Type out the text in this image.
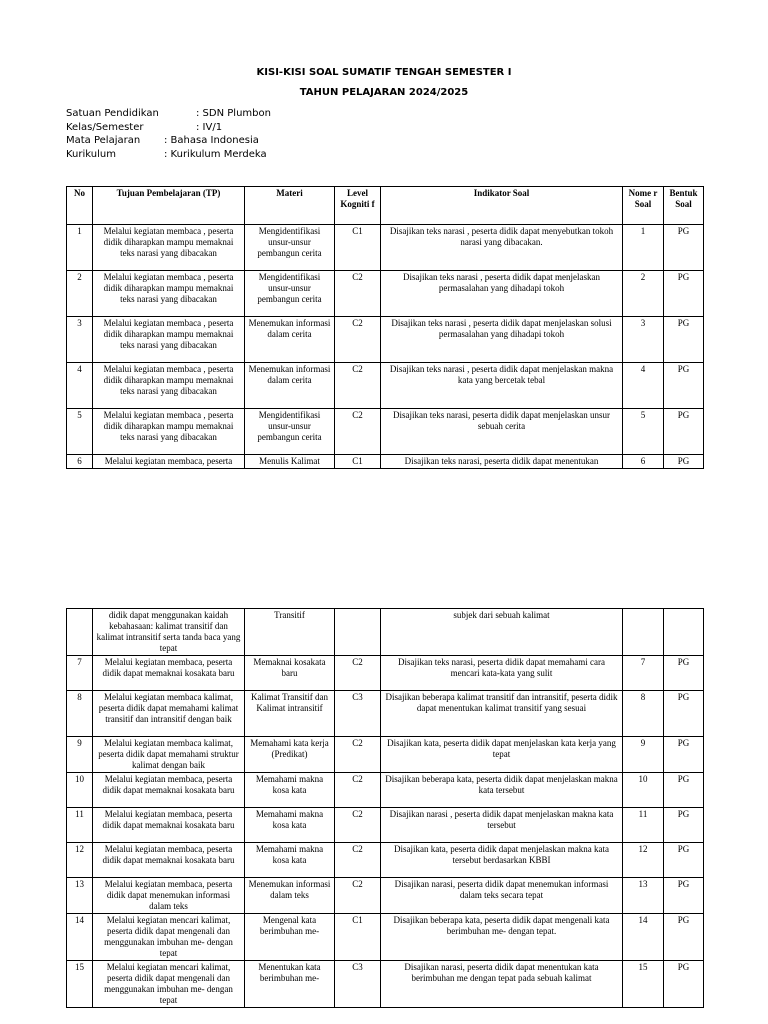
KISI-KISI SOAL SUMATIF TENGAH SEMESTER I
TAHUN PELAJARAN 2024/2025
Satuan Pendidikan	: SDN Plumbon
Kelas/Semester	: IV/1
Mata Pelajaran : Bahasa Indonesia
Kurikulum	: Kurikulum Merdeka
No	Tujuan Pembelajaran (TP)	Materi	Level Kogniti f	Indikator Soal	Nome r Soal	Bentuk Soal
1	Melalui kegiatan membaca , peserta didik diharapkan mampu memaknai teks narasi yang dibacakan	Mengidentifikasi unsur-unsur pembangun cerita	C1	Disajikan teks narasi , peserta didik dapat menyebutkan tokoh narasi yang dibacakan.	1	PG
2	Melalui kegiatan membaca , peserta didik diharapkan mampu memaknai teks narasi yang dibacakan	Mengidentifikasi unsur-unsur pembangun cerita	C2	Disajikan teks narasi , peserta didik dapat menjelaskan permasalahan yang dihadapi tokoh	2	PG
3	Melalui kegiatan membaca , peserta didik diharapkan mampu memaknai teks narasi yang dibacakan	Menemukan informasi dalam cerita	C2	Disajikan teks narasi , peserta didik dapat menjelaskan solusi permasalahan yang dihadapi tokoh	3	PG
4	Melalui kegiatan membaca , peserta didik diharapkan mampu memaknai teks narasi yang dibacakan	Menemukan informasi dalam cerita	C2	Disajikan teks narasi , peserta didik dapat menjelaskan makna kata yang bercetak tebal	4	PG
5	Melalui kegiatan membaca , peserta didik diharapkan mampu memaknai teks narasi yang dibacakan	Mengidentifikasi unsur-unsur pembangun cerita	C2	Disajikan teks narasi, peserta didik dapat menjelaskan unsur sebuah cerita	5	PG
6	Melalui kegiatan membaca, peserta	Menulis Kalimat	C1	Disajikan teks narasi, peserta didik dapat menentukan	6	PG
	didik dapat menggunakan kaidah kebahasaan: kalimat transitif dan kalimat intransitif serta tanda baca yang tepat	Transitif		subjek dari sebuah kalimat		
7	Melalui kegiatan membaca, peserta didik dapat memaknai kosakata baru	Memaknai kosakata baru	C2	Disajikan teks narasi, peserta didik dapat memahami cara mencari kata-kata yang sulit	7	PG
8	Melalui kegiatan membaca kalimat, peserta didik dapat memahami kalimat transitif dan intransitif dengan baik	Kalimat Transitif dan Kalimat intransitif	C3	Disajikan beberapa kalimat transitif dan intransitif, peserta didik dapat menentukan kalimat transitif yang sesuai	8	PG
9	Melalui kegiatan membaca kalimat, peserta didik dapat memahami struktur kalimat dengan baik	Memahami kata kerja (Predikat)	C2	Disajikan kata, peserta didik dapat menjelaskan kata kerja yang tepat	9	PG
10	Melalui kegiatan membaca, peserta didik dapat memaknai kosakata baru	Memahami makna kosa kata	C2	Disajikan beberapa kata, peserta didik dapat menjelaskan makna kata tersebut	10	PG
11	Melalui kegiatan membaca, peserta didik dapat memaknai kosakata baru	Memahami makna kosa kata	C2	Disajikan narasi , peserta didik dapat menjelaskan makna kata tersebut	11	PG
12	Melalui kegiatan membaca, peserta didik dapat memaknai kosakata baru	Memahami makna kosa kata	C2	Disajikan kata, peserta didik dapat menjelaskan makna kata tersebut berdasarkan KBBI	12	PG
13	Melalui kegiatan membaca, peserta didik dapat menemukan informasi dalam teks	Menemukan informasi dalam teks	C2	Disajikan narasi, peserta didik dapat menemukan informasi dalam teks secara tepat	13	PG
14	Melalui kegiatan mencari kalimat, peserta didik dapat mengenali dan menggunakan imbuhan me- dengan tepat	Mengenal kata berimbuhan me-	C1	Disajikan beberapa kata, peserta didik dapat mengenali kata berimbuhan me- dengan tepat.	14	PG
15	Melalui kegiatan mencari kalimat, peserta didik dapat mengenali dan menggunakan imbuhan me- dengan tepat	Menentukan kata berimbuhan me-	C3	Disajikan narasi, peserta didik dapat menentukan kata berimbuhan me dengan tepat pada sebuah kalimat	15	PG
